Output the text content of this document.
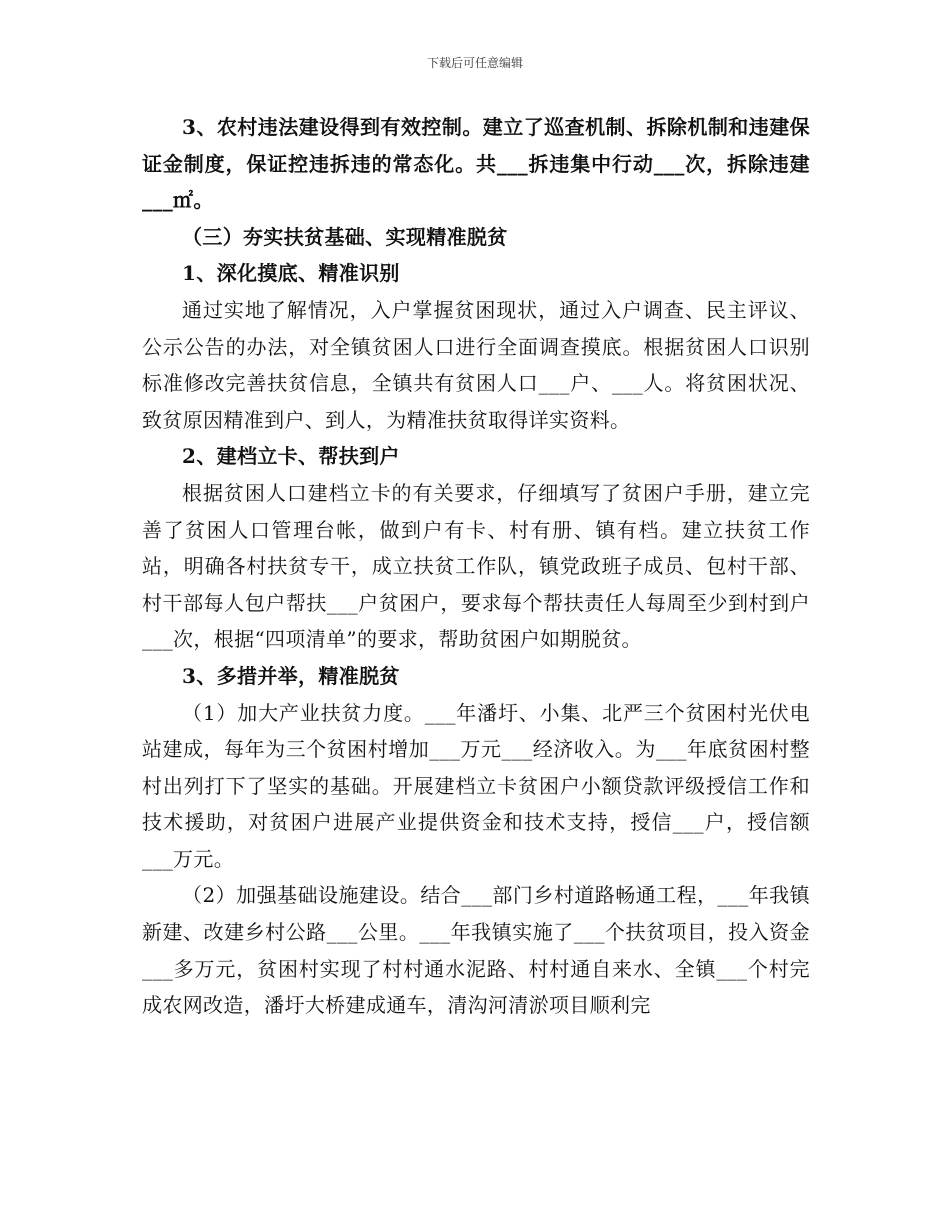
下载后可任意编辑

3、农村违法建设得到有效控制。建立了巡查机制、拆除机制和违建保证金制度，保证控违拆违的常态化。共___拆违集中行动___次，拆除违建___㎡。

（三）夯实扶贫基础、实现精准脱贫

1、深化摸底、精准识别

通过实地了解情况，入户掌握贫困现状，通过入户调查、民主评议、公示公告的办法，对全镇贫困人口进行全面调查摸底。根据贫困人口识别标准修改完善扶贫信息，全镇共有贫困人口___户、___人。将贫困状况、致贫原因精准到户、到人，为精准扶贫取得详实资料。

2、建档立卡、帮扶到户

根据贫困人口建档立卡的有关要求，仔细填写了贫困户手册，建立完善了贫困人口管理台帐，做到户有卡、村有册、镇有档。建立扶贫工作站，明确各村扶贫专干，成立扶贫工作队，镇党政班子成员、包村干部、村干部每人包户帮扶___户贫困户，要求每个帮扶责任人每周至少到村到户___次，根据“四项清单”的要求，帮助贫困户如期脱贫。

3、多措并举，精准脱贫

（1）加大产业扶贫力度。___年潘圩、小集、北严三个贫困村光伏电站建成，每年为三个贫困村增加___万元___经济收入。为___年底贫困村整村出列打下了坚实的基础。开展建档立卡贫困户小额贷款评级授信工作和技术援助，对贫困户进展产业提供资金和技术支持，授信___户，授信额___万元。

（2）加强基础设施建设。结合___部门乡村道路畅通工程，___年我镇新建、改建乡村公路___公里。___年我镇实施了___个扶贫项目，投入资金___多万元，贫困村实现了村村通水泥路、村村通自来水、全镇___个村完成农网改造，潘圩大桥建成通车，清沟河清淤项目顺利完
